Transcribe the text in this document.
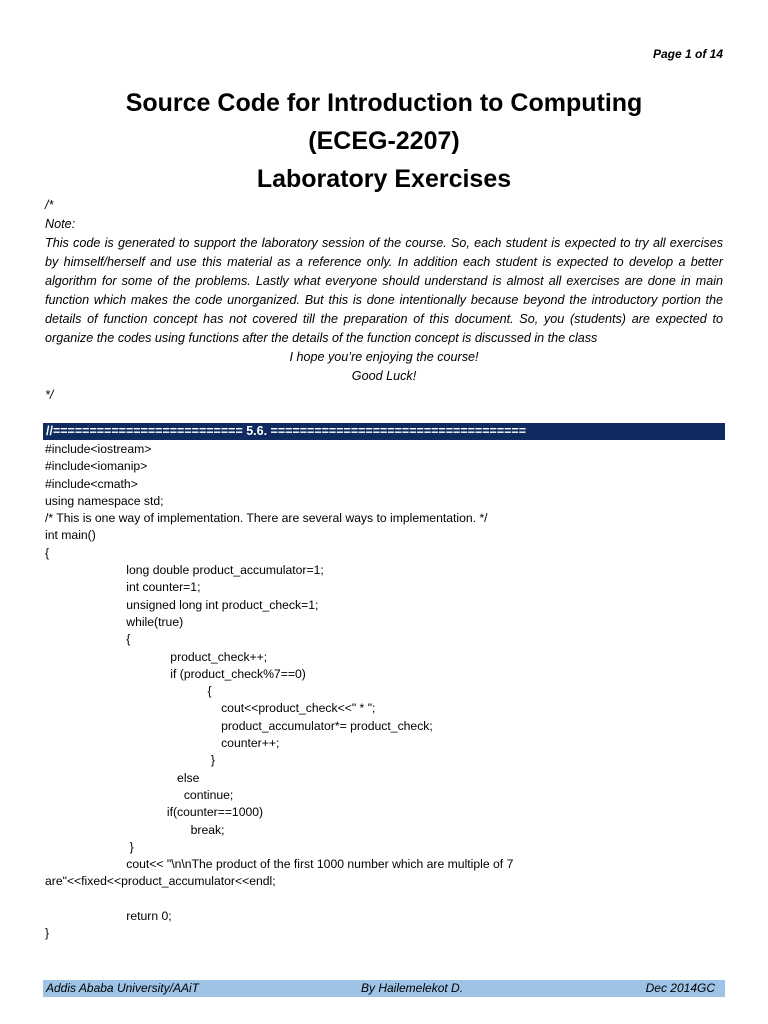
Page 1 of 14
Source Code for Introduction to Computing
(ECEG-2207)
Laboratory Exercises
/*
Note:
This code is generated to support the laboratory session of the course. So, each student is expected to try all exercises by himself/herself and use this material as a reference only. In addition each student is expected to develop a better algorithm for some of the problems. Lastly what everyone should understand is almost all exercises are done in main function which makes the code unorganized. But this is done intentionally because beyond the introductory portion the details of function concept has not covered till the preparation of this document. So, you (students) are expected to organize the codes using functions after the details of the function concept is discussed in the class
I hope you’re enjoying the course!
Good Luck!
*/
//========================== 5.6. ===================================
#include<iostream>
#include<iomanip>
#include<cmath>
using namespace std;
/* This is one way of implementation. There are several ways to implementation. */
int main()
{
long double product_accumulator=1;
int counter=1;
unsigned long int product_check=1;
while(true)
{
product_check++;
if (product_check%7==0)
{
cout<<product_check<<" * ";
product_accumulator*= product_check;
counter++;
}
else
continue;
if(counter==1000)
break;
}
cout<< "\n\nThe product of the first 1000 number which are multiple of 7
are"<<fixed<<product_accumulator<<endl;
return 0;
}
Addis Ababa University/AAiT	By Hailemelekot D.	Dec 2014GC
